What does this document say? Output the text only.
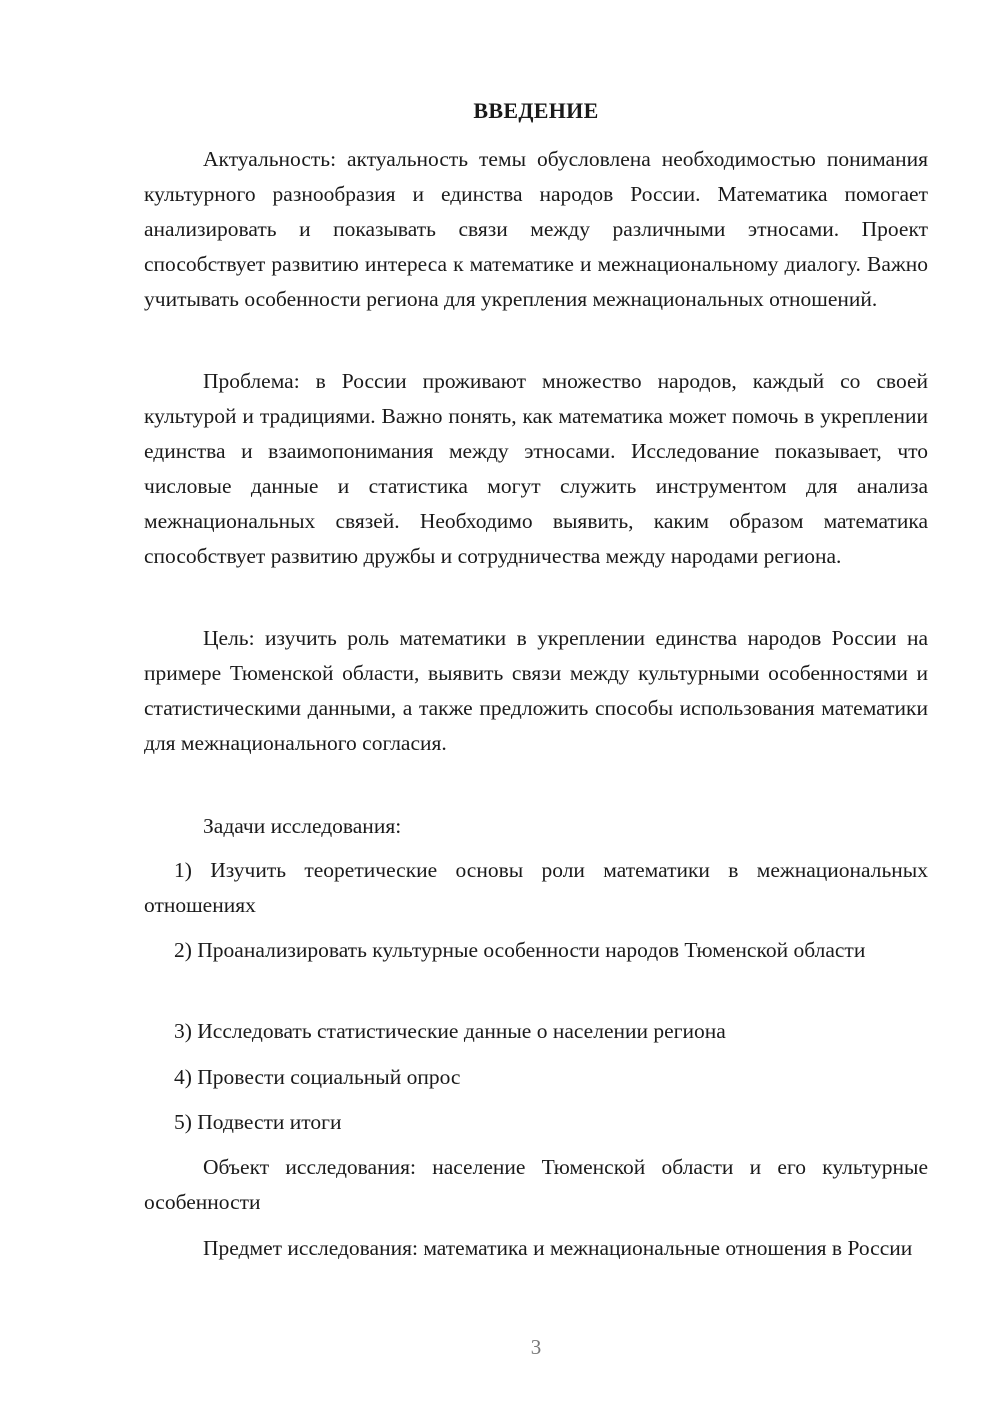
ВВЕДЕНИЕ

Актуальность: актуальность темы обусловлена необходимостью понимания культурного разнообразия и единства народов России. Математика помогает анализировать и показывать связи между различными этносами. Проект способствует развитию интереса к математике и межнациональному диалогу. Важно учитывать особенности региона для укрепления межнациональных отношений.

Проблема: в России проживают множество народов, каждый со своей культурой и традициями. Важно понять, как математика может помочь в укреплении единства и взаимопонимания между этносами. Исследование показывает, что числовые данные и статистика могут служить инструментом для анализа межнациональных связей. Необходимо выявить, каким образом математика способствует развитию дружбы и сотрудничества между народами региона.

Цель: изучить роль математики в укреплении единства народов России на примере Тюменской области, выявить связи между культурными особенностями и статистическими данными, а также предложить способы использования математики для межнационального согласия.

Задачи исследования:

1) Изучить теоретические основы роли математики в межнациональных отношениях

2) Проанализировать культурные особенности народов Тюменской области

3) Исследовать статистические данные о населении региона

4) Провести социальный опрос

5) Подвести итоги

Объект исследования: население Тюменской области и его культурные особенности

Предмет исследования: математика и межнациональные отношения в России

3
